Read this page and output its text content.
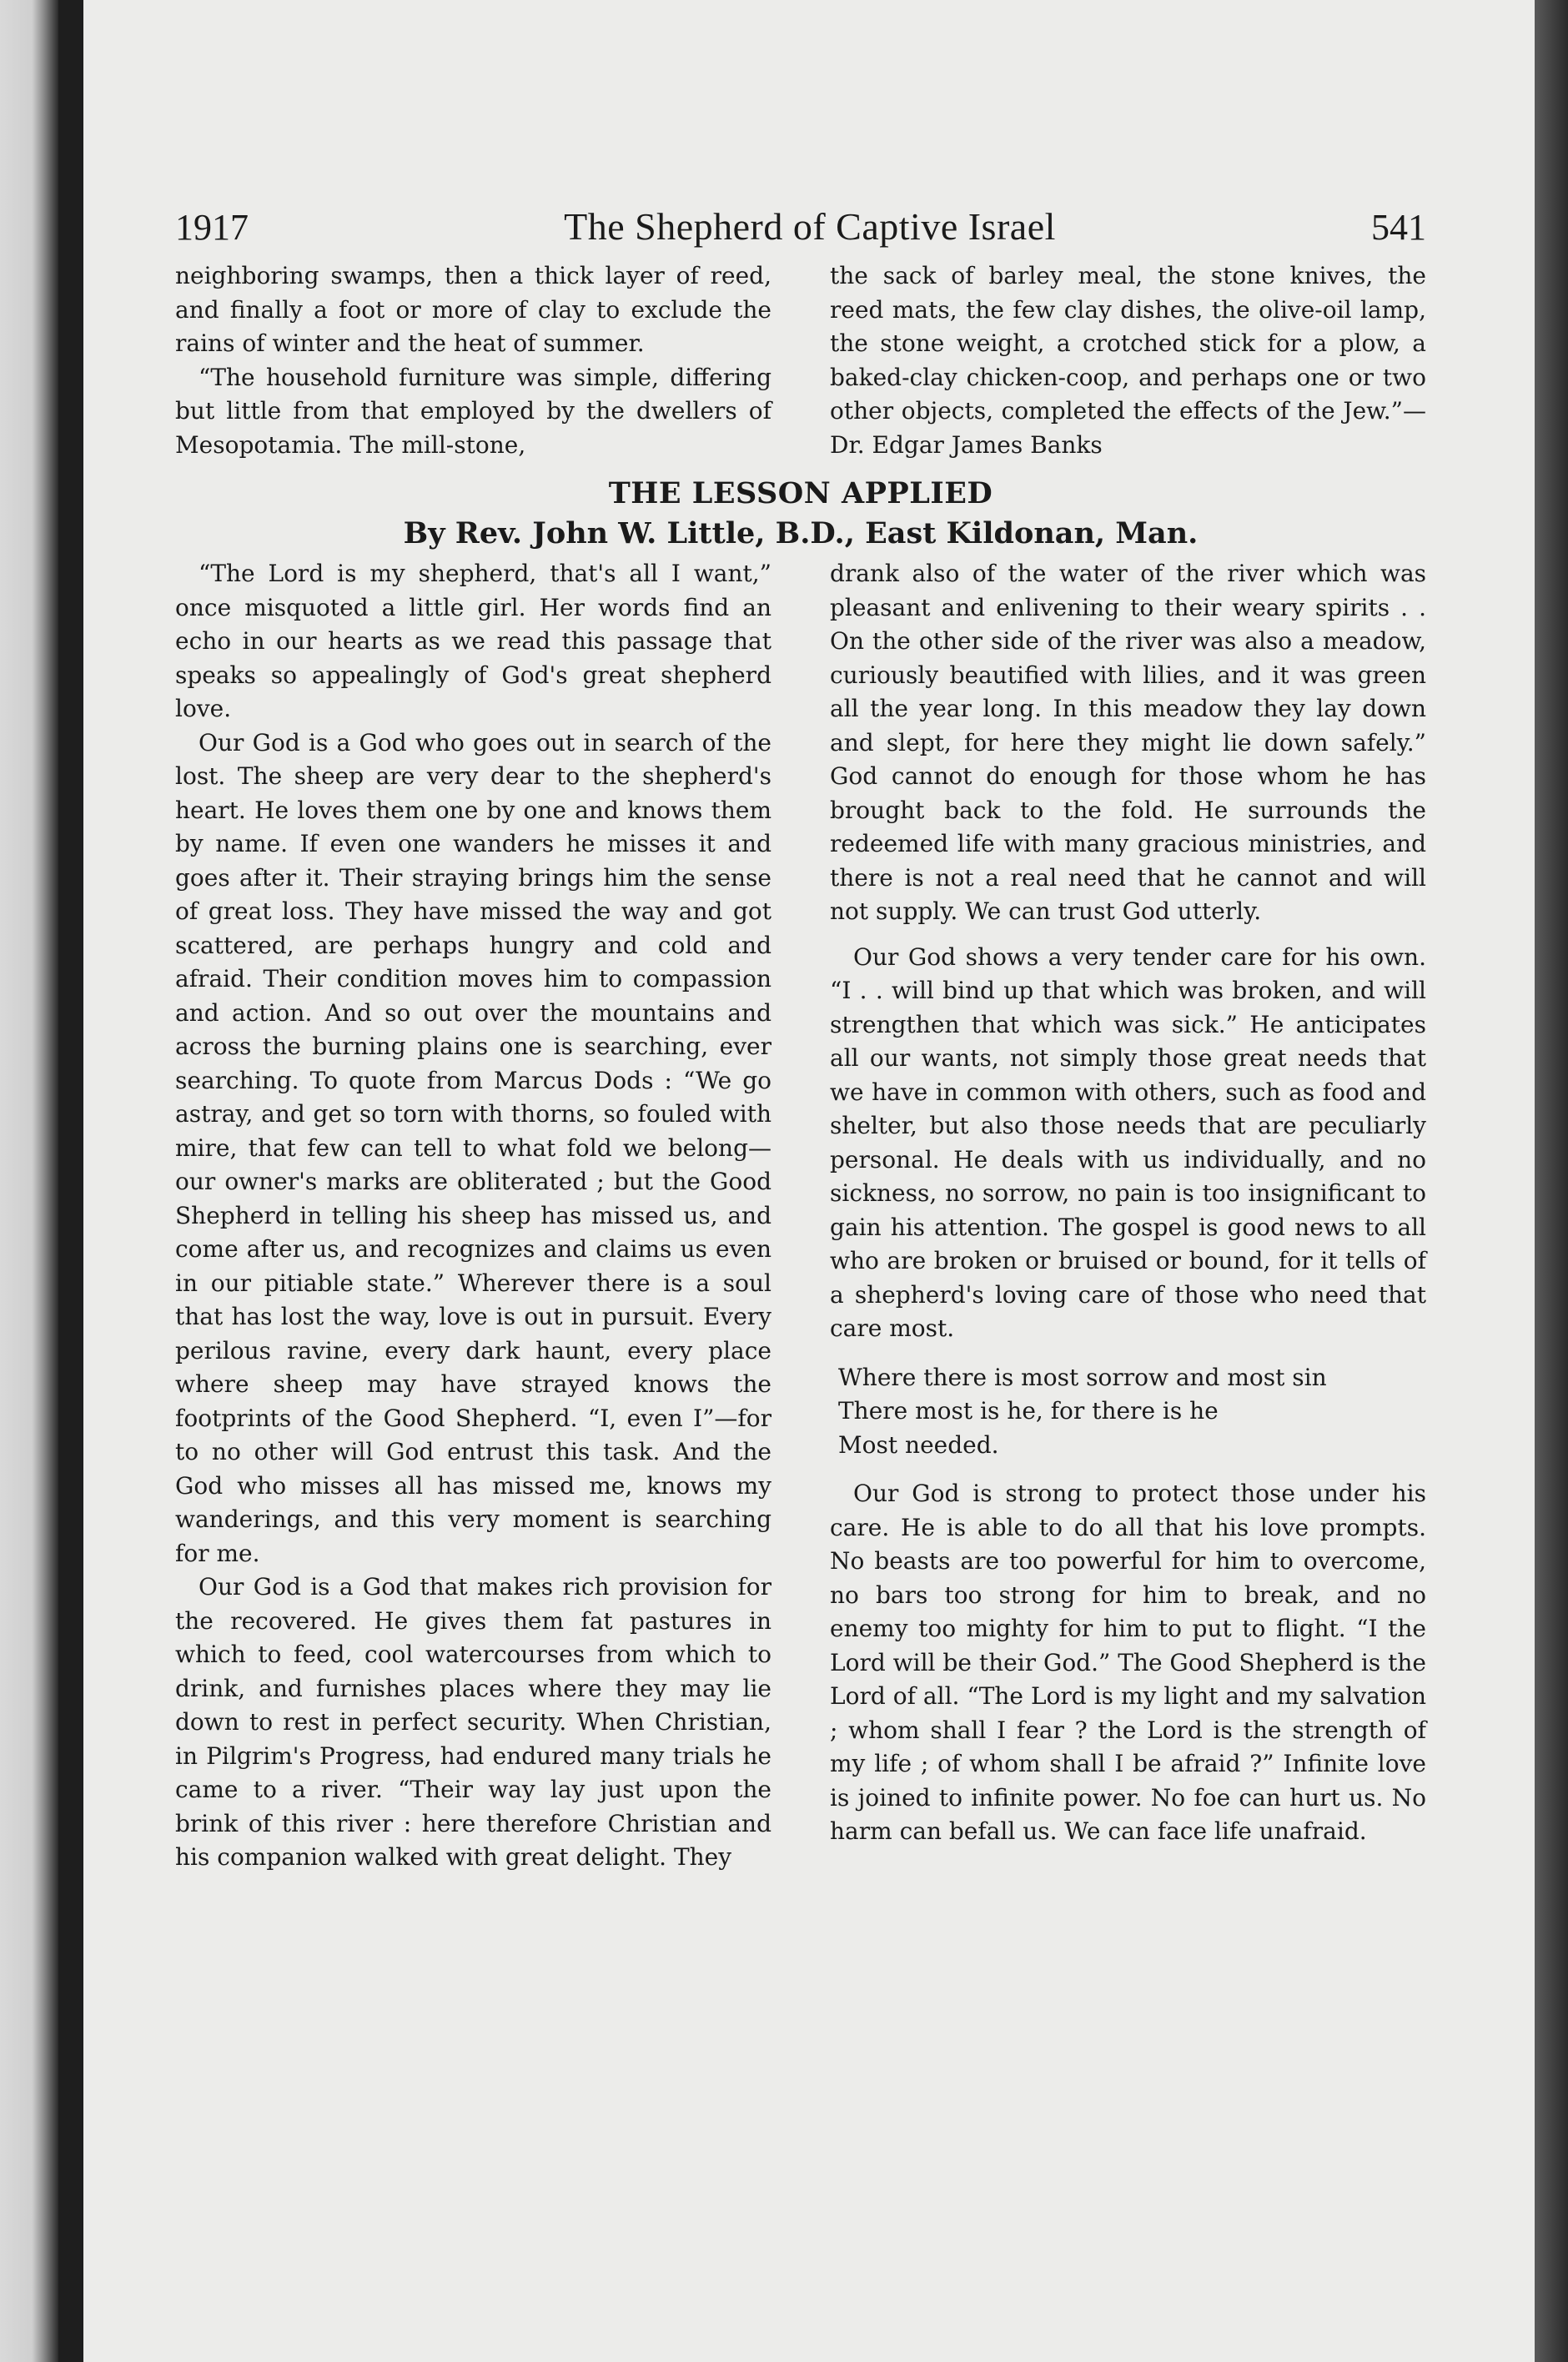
1917	The Shepherd of Captive Israel	541

neighboring swamps, then a thick layer of reed, and finally a foot or more of clay to exclude the rains of winter and the heat of summer.

“The household furniture was simple, differing but little from that employed by the dwellers of Mesopotamia. The mill-stone,

the sack of barley meal, the stone knives, the reed mats, the few clay dishes, the olive-oil lamp, the stone weight, a crotched stick for a plow, a baked-clay chicken-coop, and perhaps one or two other objects, completed the effects of the Jew.”—Dr. Edgar James Banks

THE LESSON APPLIED
By Rev. John W. Little, B.D., East Kildonan, Man.

“The Lord is my shepherd, that's all I want,” once misquoted a little girl. Her words find an echo in our hearts as we read this passage that speaks so appealingly of God's great shepherd love.

Our God is a God who goes out in search of the lost. The sheep are very dear to the shepherd's heart. He loves them one by one and knows them by name. If even one wanders he misses it and goes after it. Their straying brings him the sense of great loss. They have missed the way and got scattered, are perhaps hungry and cold and afraid. Their condition moves him to compassion and action. And so out over the mountains and across the burning plains one is searching, ever searching. To quote from Marcus Dods : “We go astray, and get so torn with thorns, so fouled with mire, that few can tell to what fold we belong—our owner's marks are obliterated ; but the Good Shepherd in telling his sheep has missed us, and come after us, and recognizes and claims us even in our pitiable state.” Wherever there is a soul that has lost the way, love is out in pursuit. Every perilous ravine, every dark haunt, every place where sheep may have strayed knows the footprints of the Good Shepherd. “I, even I”—for to no other will God entrust this task. And the God who misses all has missed me, knows my wanderings, and this very moment is searching for me.

Our God is a God that makes rich provision for the recovered. He gives them fat pastures in which to feed, cool watercourses from which to drink, and furnishes places where they may lie down to rest in perfect security. When Christian, in Pilgrim's Progress, had endured many trials he came to a river. “Their way lay just upon the brink of this river : here therefore Christian and his companion walked with great delight. They

drank also of the water of the river which was pleasant and enlivening to their weary spirits . . On the other side of the river was also a meadow, curiously beautified with lilies, and it was green all the year long. In this meadow they lay down and slept, for here they might lie down safely.” God cannot do enough for those whom he has brought back to the fold. He surrounds the redeemed life with many gracious ministries, and there is not a real need that he cannot and will not supply. We can trust God utterly.

Our God shows a very tender care for his own. “I . . will bind up that which was broken, and will strengthen that which was sick.” He anticipates all our wants, not simply those great needs that we have in common with others, such as food and shelter, but also those needs that are peculiarly personal. He deals with us individually, and no sickness, no sorrow, no pain is too insignificant to gain his attention. The gospel is good news to all who are broken or bruised or bound, for it tells of a shepherd's loving care of those who need that care most.

Where there is most sorrow and most sin
There most is he, for there is he
Most needed.

Our God is strong to protect those under his care. He is able to do all that his love prompts. No beasts are too powerful for him to overcome, no bars too strong for him to break, and no enemy too mighty for him to put to flight. “I the Lord will be their God.” The Good Shepherd is the Lord of all. “The Lord is my light and my salvation ; whom shall I fear ? the Lord is the strength of my life ; of whom shall I be afraid ?” Infinite love is joined to infinite power. No foe can hurt us. No harm can befall us. We can face life unafraid.
